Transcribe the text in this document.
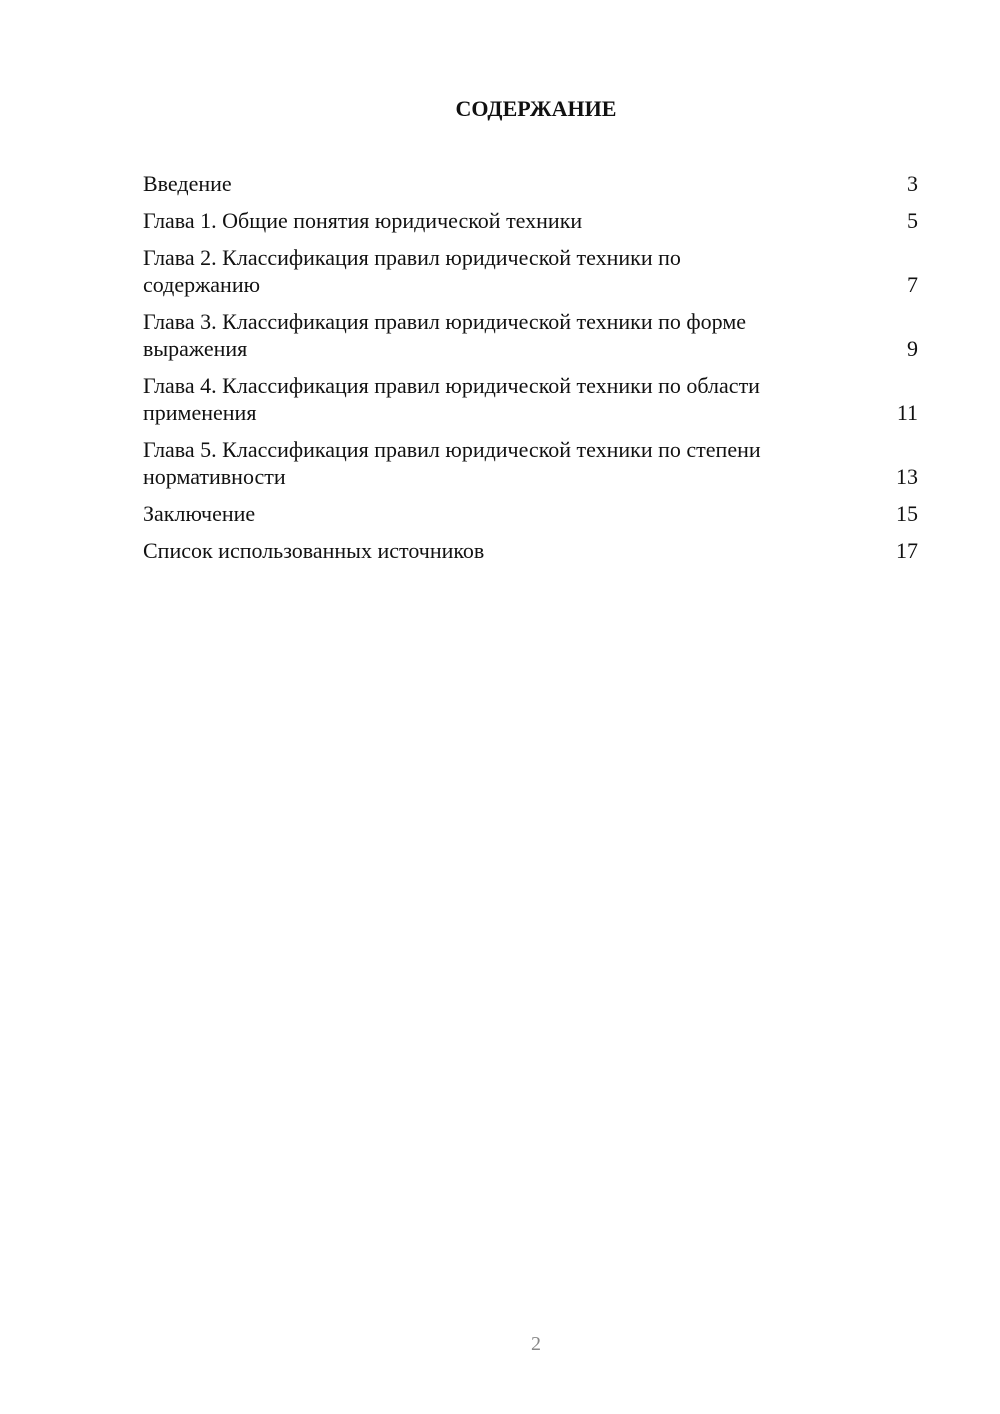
СОДЕРЖАНИЕ
Введение	3
Глава 1. Общие понятия юридической техники	5
Глава 2. Классификация правил юридической техники по содержанию	7
Глава 3. Классификация правил юридической техники по форме выражения	9
Глава 4. Классификация правил юридической техники по области применения	11
Глава 5. Классификация правил юридической техники по степени нормативности	13
Заключение	15
Список использованных источников	17
2
